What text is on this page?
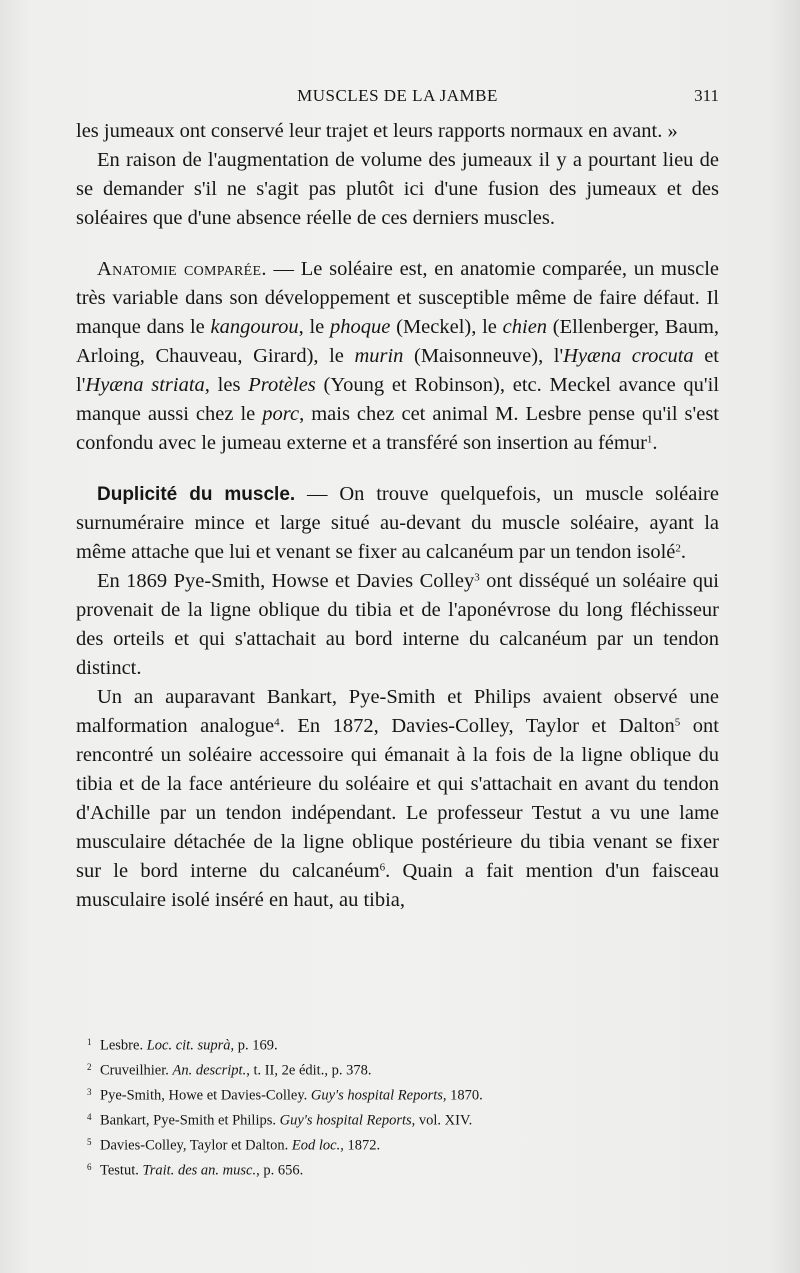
MUSCLES DE LA JAMBE	311

les jumeaux ont conservé leur trajet et leurs rapports normaux en avant. »

En raison de l'augmentation de volume des jumeaux il y a pourtant lieu de se demander s'il ne s'agit pas plutôt ici d'une fusion des jumeaux et des soléaires que d'une absence réelle de ces derniers muscles.

Anatomie comparée. — Le soléaire est, en anatomie comparée, un muscle très variable dans son développement et susceptible même de faire défaut. Il manque dans le kangourou, le phoque (Meckel), le chien (Ellenberger, Baum, Arloing, Chauveau, Girard), le murin (Maisonneuve), l'Hyæna crocuta et l'Hyæna striata, les Protèles (Young et Robinson), etc. Meckel avance qu'il manque aussi chez le porc, mais chez cet animal M. Lesbre pense qu'il s'est confondu avec le jumeau externe et a transféré son insertion au fémur$^1$.

Duplicité du muscle. — On trouve quelquefois, un muscle soléaire surnuméraire mince et large situé au-devant du muscle soléaire, ayant la même attache que lui et venant se fixer au calcanéum par un tendon isolé$^2$.

En 1869 Pye-Smith, Howse et Davies Colley$^3$ ont disséqué un soléaire qui provenait de la ligne oblique du tibia et de l'aponévrose du long fléchisseur des orteils et qui s'attachait au bord interne du calcanéum par un tendon distinct.

Un an auparavant Bankart, Pye-Smith et Philips avaient observé une malformation analogue$^4$. En 1872, Davies-Colley, Taylor et Dalton$^5$ ont rencontré un soléaire accessoire qui émanait à la fois de la ligne oblique du tibia et de la face antérieure du soléaire et qui s'attachait en avant du tendon d'Achille par un tendon indépendant. Le professeur Testut a vu une lame musculaire détachée de la ligne oblique postérieure du tibia venant se fixer sur le bord interne du calcanéum$^6$. Quain a fait mention d'un faisceau musculaire isolé inséré en haut, au tibia,

1 Lesbre. Loc. cit. suprà, p. 169.

2 Cruveilhier. An. descript., t. II, 2e édit., p. 378.

3 Pye-Smith, Howe et Davies-Colley. Guy's hospital Reports, 1870.

4 Bankart, Pye-Smith et Philips. Guy's hospital Reports, vol. XIV.

5 Davies-Colley, Taylor et Dalton. Eod loc., 1872.

6 Testut. Trait. des an. musc., p. 656.
